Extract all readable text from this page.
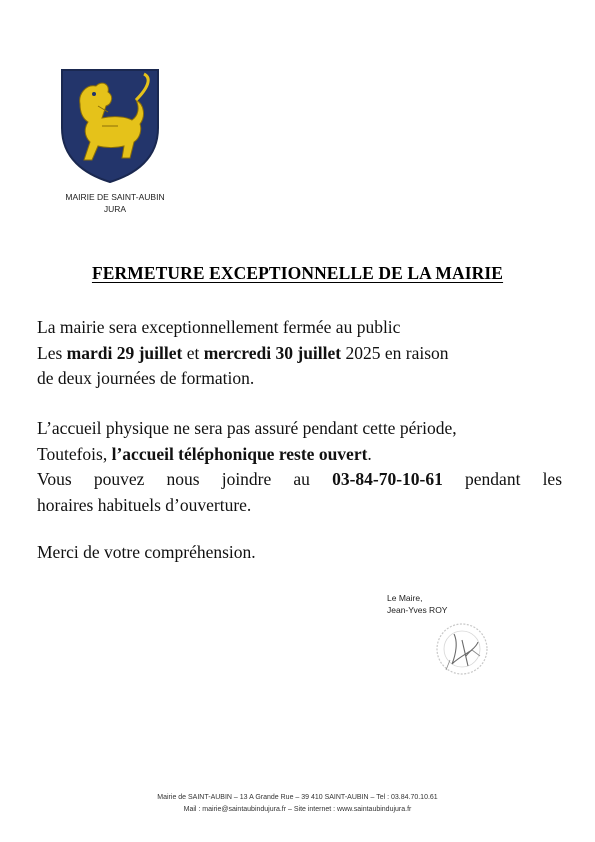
MAIRIE DE SAINT-AUBIN
JURA
FERMETURE EXCEPTIONNELLE DE LA MAIRIE
La mairie sera exceptionnellement fermée au public
Les mardi 29 juillet et mercredi 30 juillet 2025 en raison
de deux journées de formation.
L’accueil physique ne sera pas assuré pendant cette période,
Toutefois, l’accueil téléphonique reste ouvert.
Vous pouvez nous joindre au 03-84-70-10-61 pendant les
horaires habituels d’ouverture.
Merci de votre compréhension.
Le Maire,
Jean-Yves ROY
Mairie de SAINT-AUBIN – 13 A Grande Rue – 39 410 SAINT-AUBIN – Tel : 03.84.70.10.61
Mail : mairie@saintaubindujura.fr – Site internet : www.saintaubindujura.fr
